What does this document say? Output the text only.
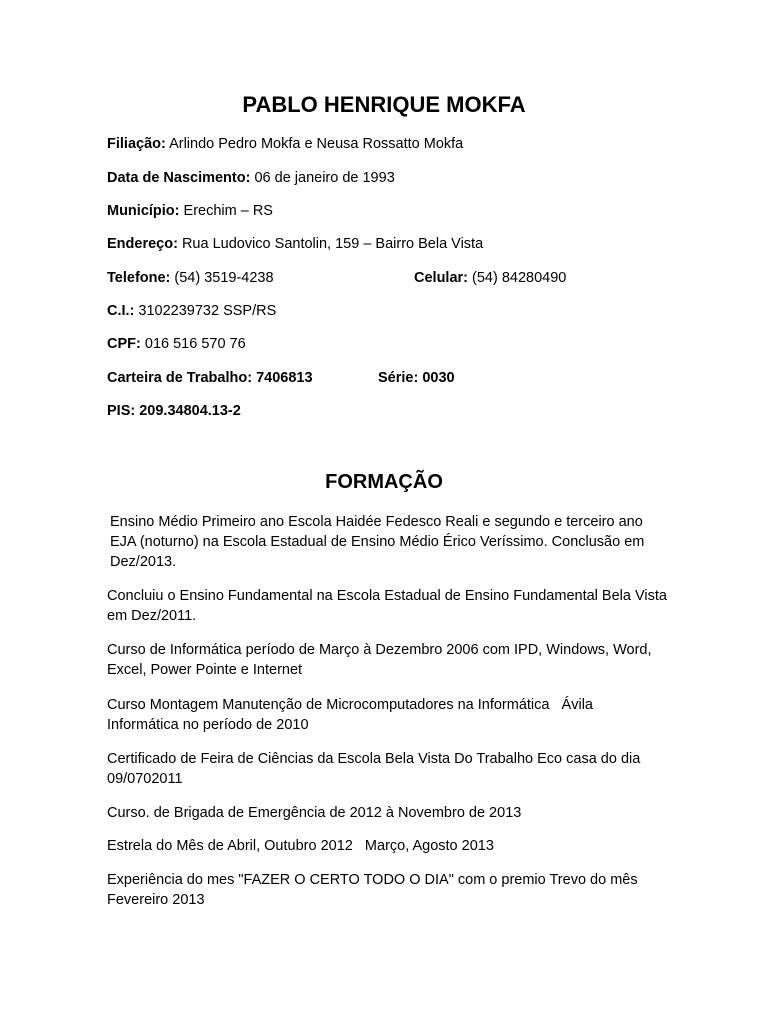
PABLO HENRIQUE MOKFA
Filiação: Arlindo Pedro Mokfa e Neusa Rossatto Mokfa
Data de Nascimento: 06 de janeiro de 1993
Município: Erechim – RS
Endereço: Rua Ludovico Santolin, 159 – Bairro Bela Vista
Telefone: (54) 3519-4238	Celular: (54) 84280490
C.I.: 3102239732 SSP/RS
CPF: 016 516 570 76
Carteira de Trabalho: 7406813	Série: 0030
PIS: 209.34804.13-2
FORMAÇÃO
Ensino Médio Primeiro ano Escola Haidée Fedesco Reali e segundo e terceiro ano EJA (noturno) na Escola Estadual de Ensino Médio Érico Veríssimo. Conclusão em Dez/2013.
Concluiu o Ensino Fundamental na Escola Estadual de Ensino Fundamental Bela Vista em Dez/2011.
Curso de Informática período de Março à Dezembro 2006 com IPD, Windows, Word, Excel, Power Pointe e Internet
Curso Montagem Manutenção de Microcomputadores na Informática   Ávila Informática no período de 2010
Certificado de Feira de Ciências da Escola Bela Vista Do Trabalho Eco casa do dia 09/0702011
Curso. de Brigada de Emergência de 2012 à Novembro de 2013
Estrela do Mês de Abril, Outubro 2012   Março, Agosto 2013
Experiência do mes "FAZER O CERTO TODO O DIA" com o premio Trevo do mês Fevereiro 2013
